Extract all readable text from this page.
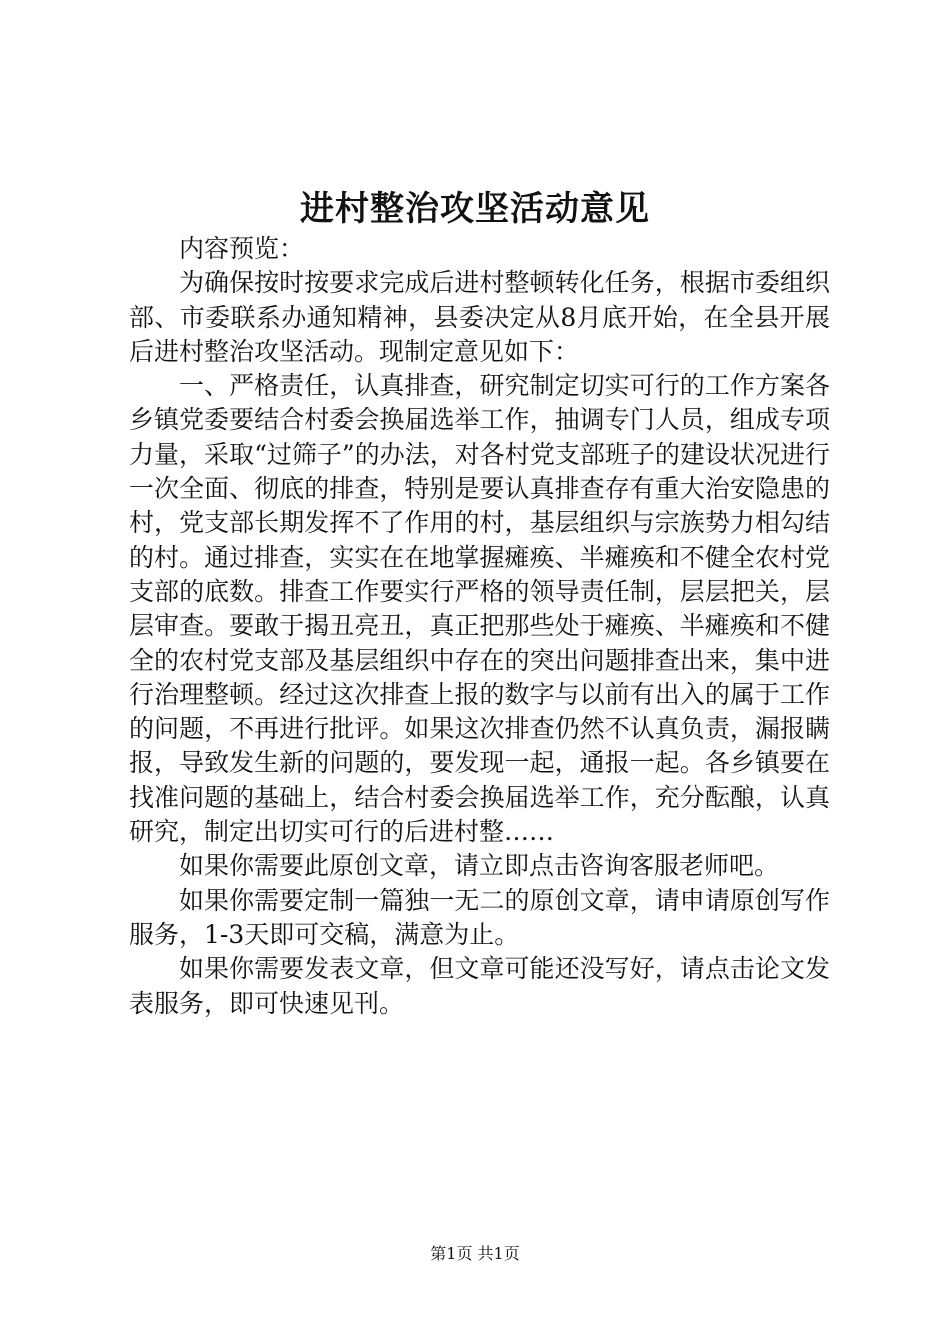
进村整治攻坚活动意见

内容预览：

为确保按时按要求完成后进村整顿转化任务，根据市委组织部、市委联系办通知精神，县委决定从8月底开始，在全县开展后进村整治攻坚活动。现制定意见如下：

一、严格责任，认真排查，研究制定切实可行的工作方案各乡镇党委要结合村委会换届选举工作，抽调专门人员，组成专项力量，采取“过筛子”的办法，对各村党支部班子的建设状况进行一次全面、彻底的排查，特别是要认真排查存有重大治安隐患的村，党支部长期发挥不了作用的村，基层组织与宗族势力相勾结的村。通过排查，实实在在地掌握瘫痪、半瘫痪和不健全农村党支部的底数。排查工作要实行严格的领导责任制，层层把关，层层审查。要敢于揭丑亮丑，真正把那些处于瘫痪、半瘫痪和不健全的农村党支部及基层组织中存在的突出问题排查出来，集中进行治理整顿。经过这次排查上报的数字与以前有出入的属于工作的问题，不再进行批评。如果这次排查仍然不认真负责，漏报瞒报，导致发生新的问题的，要发现一起，通报一起。各乡镇要在找准问题的基础上，结合村委会换届选举工作，充分酝酿，认真研究，制定出切实可行的后进村整……

如果你需要此原创文章，请立即点击咨询客服老师吧。

如果你需要定制一篇独一无二的原创文章，请申请原创写作服务，1-3天即可交稿，满意为止。

如果你需要发表文章，但文章可能还没写好，请点击论文发表服务，即可快速见刊。

第1页 共1页
